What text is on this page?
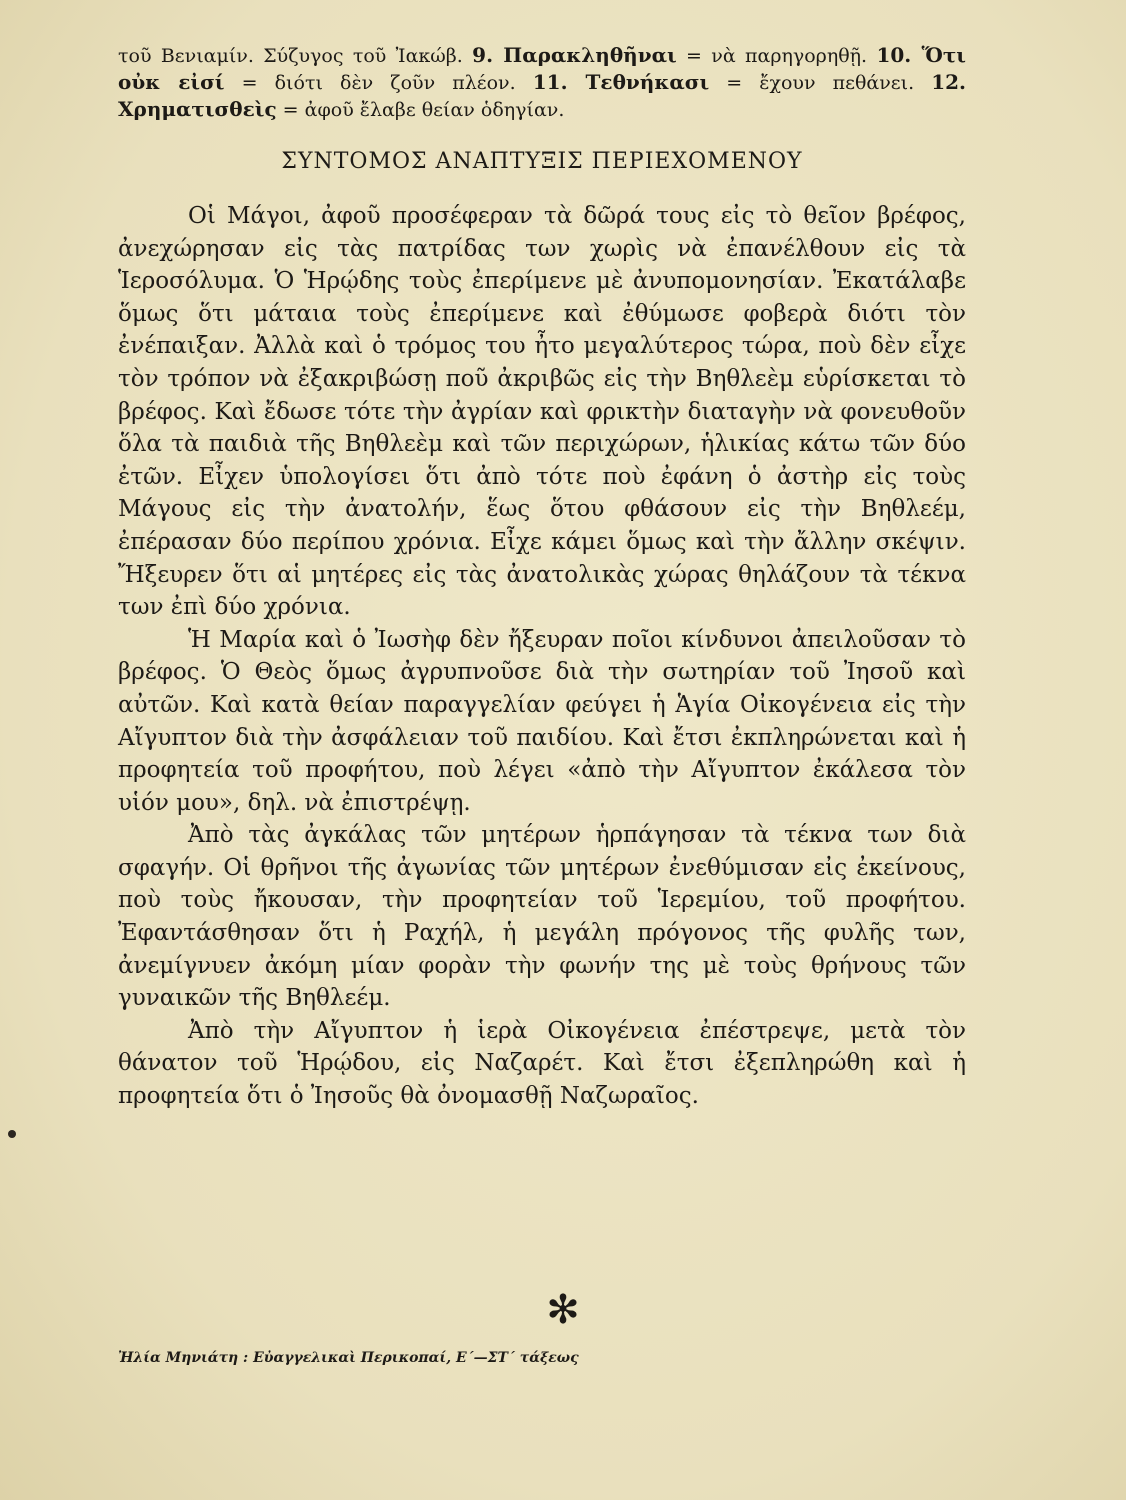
τοῦ Βενιαμίν. Σύζυγος τοῦ Ἰακώβ. 9. Παρακληθῆναι = νὰ παρηγορηθῇ. 10. Ὅτι οὐκ εἰσί = διότι δὲν ζοῦν πλέον. 11. Τεθνήκασι = ἔχουν πεθάνει. 12. Χρηματισθεὶς = ἀφοῦ ἔλαβε θείαν ὁδηγίαν.

ΣΥΝΤΟΜΟΣ ΑΝΑΠΤΥΞΙΣ ΠΕΡΙΕΧΟΜΕΝΟΥ

Οἱ Μάγοι, ἀφοῦ προσέφεραν τὰ δῶρά τους εἰς τὸ θεῖον βρέφος, ἀνεχώρησαν εἰς τὰς πατρίδας των χωρὶς νὰ ἐπανέλθουν εἰς τὰ Ἱεροσόλυμα. Ὁ Ἡρῴδης τοὺς ἐπερίμενε μὲ ἀνυπομονησίαν. Ἐκατάλαβε ὅμως ὅτι μάταια τοὺς ἐπερίμενε καὶ ἐθύμωσε φοβερὰ διότι τὸν ἐνέπαιξαν. Ἀλλὰ καὶ ὁ τρόμος του ἦτο μεγαλύτερος τώρα, ποὺ δὲν εἶχε τὸν τρόπον νὰ ἐξακριβώσῃ ποῦ ἀκριβῶς εἰς τὴν Βηθλεὲμ εὑρίσκεται τὸ βρέφος. Καὶ ἔδωσε τότε τὴν ἀγρίαν καὶ φρικτὴν διαταγὴν νὰ φονευθοῦν ὅλα τὰ παιδιὰ τῆς Βηθλεὲμ καὶ τῶν περιχώρων, ἡλικίας κάτω τῶν δύο ἐτῶν. Εἶχεν ὑπολογίσει ὅτι ἀπὸ τότε ποὺ ἐφάνη ὁ ἀστὴρ εἰς τοὺς Μάγους εἰς τὴν ἀνατολήν, ἕως ὅτου φθάσουν εἰς τὴν Βηθλεέμ, ἐπέρασαν δύο περίπου χρόνια. Εἶχε κάμει ὅμως καὶ τὴν ἄλλην σκέψιν. Ἤξευρεν ὅτι αἱ μητέρες εἰς τὰς ἀνατολικὰς χώρας θηλάζουν τὰ τέκνα των ἐπὶ δύο χρόνια.

Ἡ Μαρία καὶ ὁ Ἰωσὴφ δὲν ἤξευραν ποῖοι κίνδυνοι ἀπειλοῦσαν τὸ βρέφος. Ὁ Θεὸς ὅμως ἀγρυπνοῦσε διὰ τὴν σωτηρίαν τοῦ Ἰησοῦ καὶ αὐτῶν. Καὶ κατὰ θείαν παραγγελίαν φεύγει ἡ Ἁγία Οἰκογένεια εἰς τὴν Αἴγυπτον διὰ τὴν ἀσφάλειαν τοῦ παιδίου. Καὶ ἔτσι ἐκπληρώνεται καὶ ἡ προφητεία τοῦ προφήτου, ποὺ λέγει «ἀπὸ τὴν Αἴγυπτον ἐκάλεσα τὸν υἱόν μου», δηλ. νὰ ἐπιστρέψῃ.

Ἀπὸ τὰς ἀγκάλας τῶν μητέρων ἡρπάγησαν τὰ τέκνα των διὰ σφαγήν. Οἱ θρῆνοι τῆς ἀγωνίας τῶν μητέρων ἐνεθύμισαν εἰς ἐκείνους, ποὺ τοὺς ἤκουσαν, τὴν προφητείαν τοῦ Ἱερεμίου, τοῦ προφήτου. Ἐφαντάσθησαν ὅτι ἡ Ραχήλ, ἡ μεγάλη πρόγονος τῆς φυλῆς των, ἀνεμίγνυεν ἀκόμη μίαν φορὰν τὴν φωνήν της μὲ τοὺς θρήνους τῶν γυναικῶν τῆς Βηθλεέμ.

Ἀπὸ τὴν Αἴγυπτον ἡ ἱερὰ Οἰκογένεια ἐπέστρεψε, μετὰ τὸν θάνατον τοῦ Ἡρῴδου, εἰς Ναζαρέτ. Καὶ ἔτσι ἐξεπληρώθη καὶ ἡ προφητεία ὅτι ὁ Ἰησοῦς θὰ ὀνομασθῇ Ναζωραῖος.

✻
Ἠλία Μηνιάτη : Εὐαγγελικαὶ Περικοπαί, Ε΄—ΣΤ΄ τάξεως
